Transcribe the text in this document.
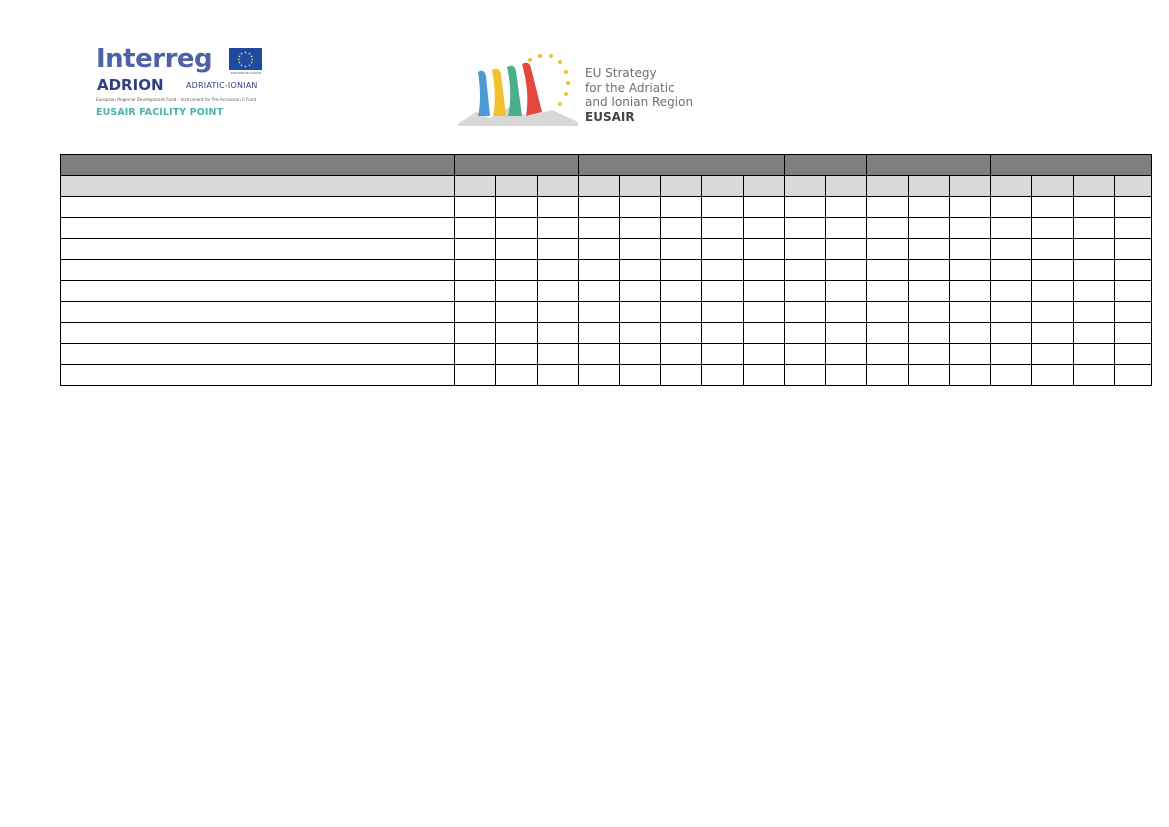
Interreg	EUROPEAN UNION
ADRION	ADRIATIC-IONIAN
European Regional Development Fund - Instrument for Pre-Accession II Fund
EUSAIR FACILITY POINT
EU Strategy
for the Adriatic
and Ionian Region
EUSAIR
